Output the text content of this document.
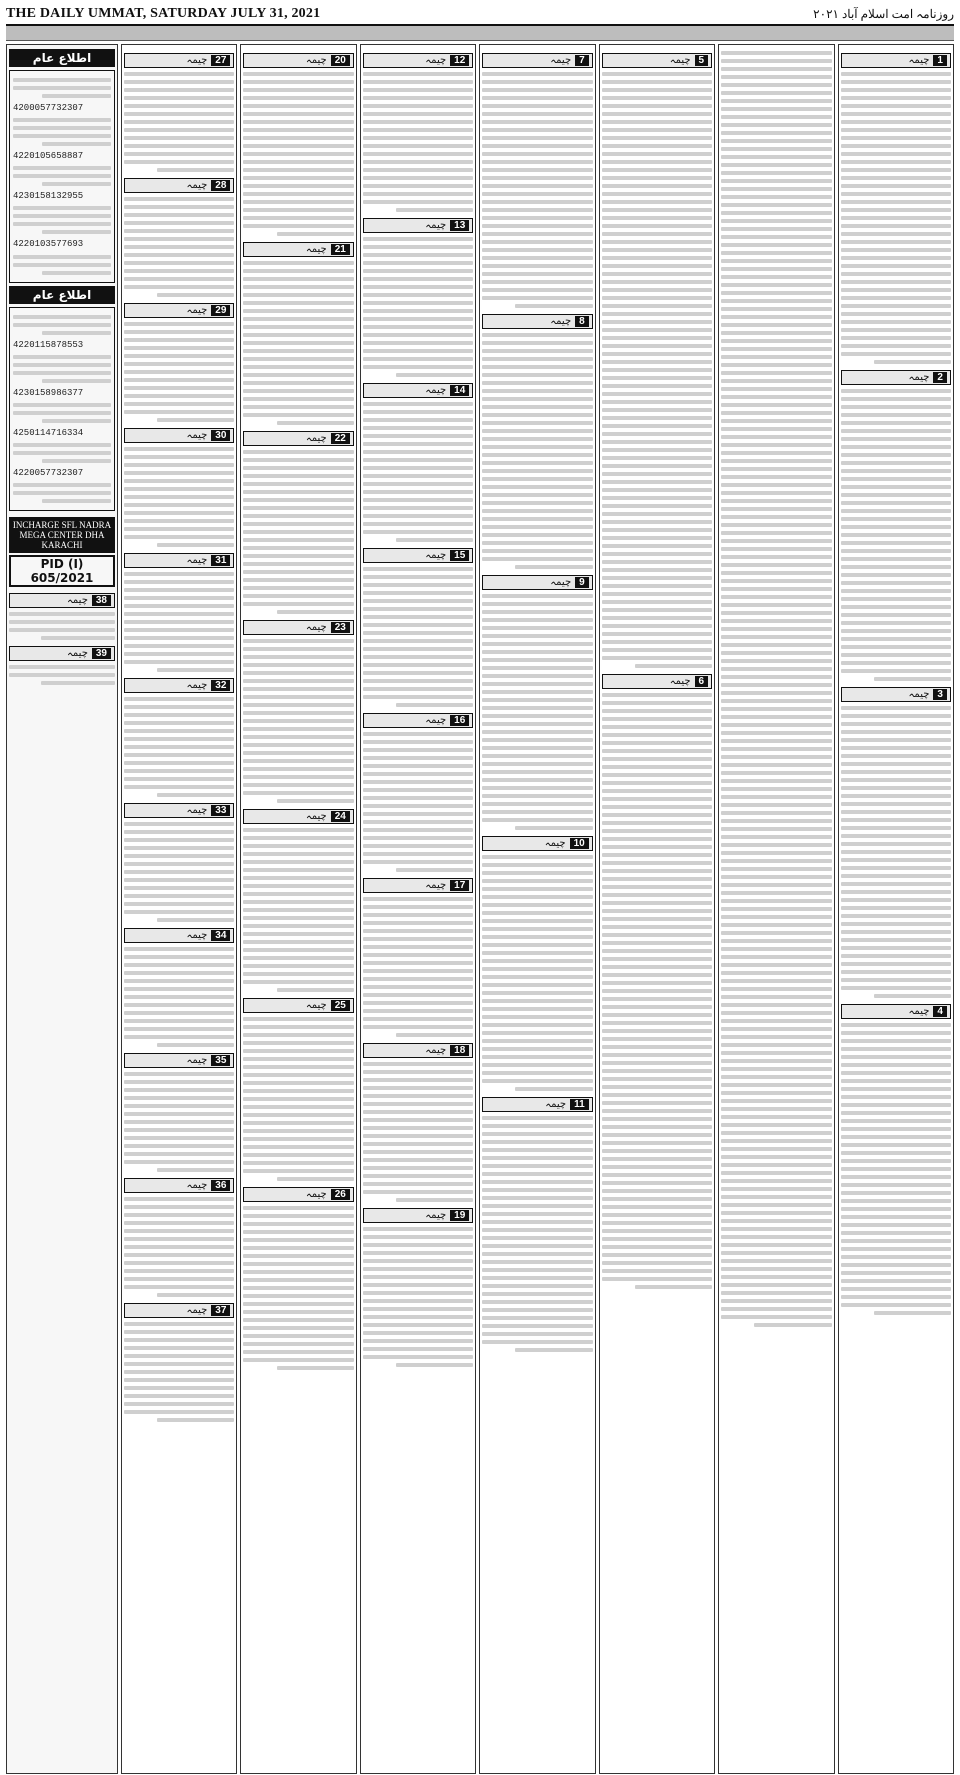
THE DAILY UMMAT, SATURDAY JULY 31, 2021	روزنامہ امت اسلام آباد ۲۰۲۱
اطلاع عام
4200057732307
4220105658887
4230158132955
4220103577693
اطلاع عام
4220115878553
4230158986377
4250114716334
4220057732307
INCHARGE SFL NADRA MEGA CENTER DHA KARACHI
PID (I) 605/2021
38
چیمہ
39
چیمہ
27
چیمہ
28
چیمہ
29
چیمہ
30
چیمہ
31
چیمہ
32
چیمہ
33
چیمہ
34
چیمہ
35
چیمہ
36
چیمہ
37
چیمہ
20
چیمہ
21
چیمہ
22
چیمہ
23
چیمہ
24
چیمہ
25
چیمہ
26
چیمہ
12
چیمہ
13
چیمہ
14
چیمہ
15
چیمہ
16
چیمہ
17
چیمہ
18
چیمہ
19
چیمہ
7
چیمہ
8
چیمہ
9
چیمہ
10
چیمہ
11
چیمہ
5
چیمہ
6
چیمہ
1
چیمہ
2
چیمہ
3
چیمہ
4
چیمہ
